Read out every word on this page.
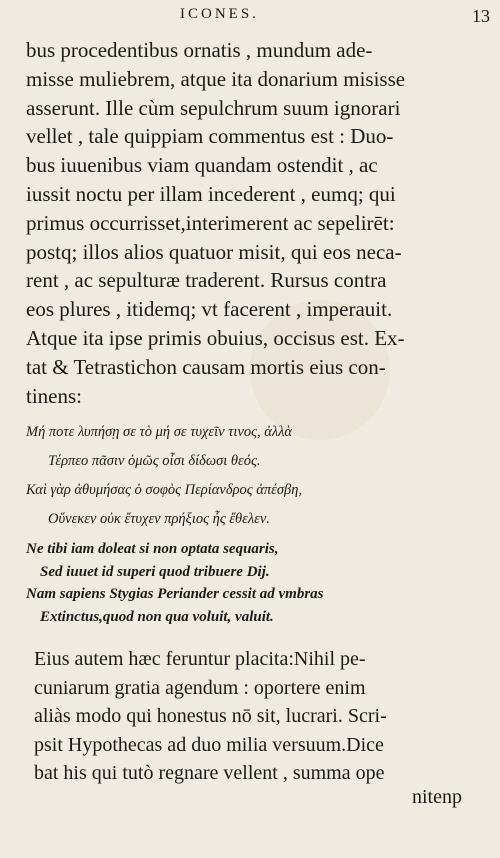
ICONES.	13
bus procedentibus ornatis , mundum ade-
misse muliebrem, atque ita donarium misisse
asserunt. Ille cùm sepulchrum suum ignorari
vellet , tale quippiam commentus est : Duo-
bus iuuenibus viam quandam ostendit , ac
iussit noctu per illam incederent , eumq; qui
primus occurrisset,interimerent ac sepelirēt:
postq; illos alios quatuor misit, qui eos neca-
rent , ac sepulturæ traderent. Rursus contra
eos plures , itidemq; vt facerent , imperauit.
Atque ita ipse primis obuius, occisus est. Ex-
tat & Tetrastichon causam mortis eius con-
tinens:
Μή ποτε λυπήσῃ σε τὸ μή σε τυχεῖν τινος, ἀλλὰ
Τέρπεο πᾶσιν ὁμῶς οἷσι δίδωσι θεός.
Καὶ γὰρ ἀθυμήσας ὁ σοφὸς Περίανδρος ἀπέσβη,
Οὕνεκεν οὐκ ἔτυχεν πρήξιος ἧς ἔθελεν.
Ne tibi iam doleat si non optata sequaris,
Sed iuuet id superi quod tribuere Dij.
Nam sapiens Stygias Periander cessit ad vmbras
Extinctus,quod non qua voluit, valuit.
Eius autem hæc feruntur placita:Nihil pe-
cuniarum gratia agendum : oportere enim
aliàs modo qui honestus nō sit, lucrari. Scri-
psit Hypothecas ad duo milia versuum.Dice
bat his qui tutò regnare vellent , summa ope
nitenp
